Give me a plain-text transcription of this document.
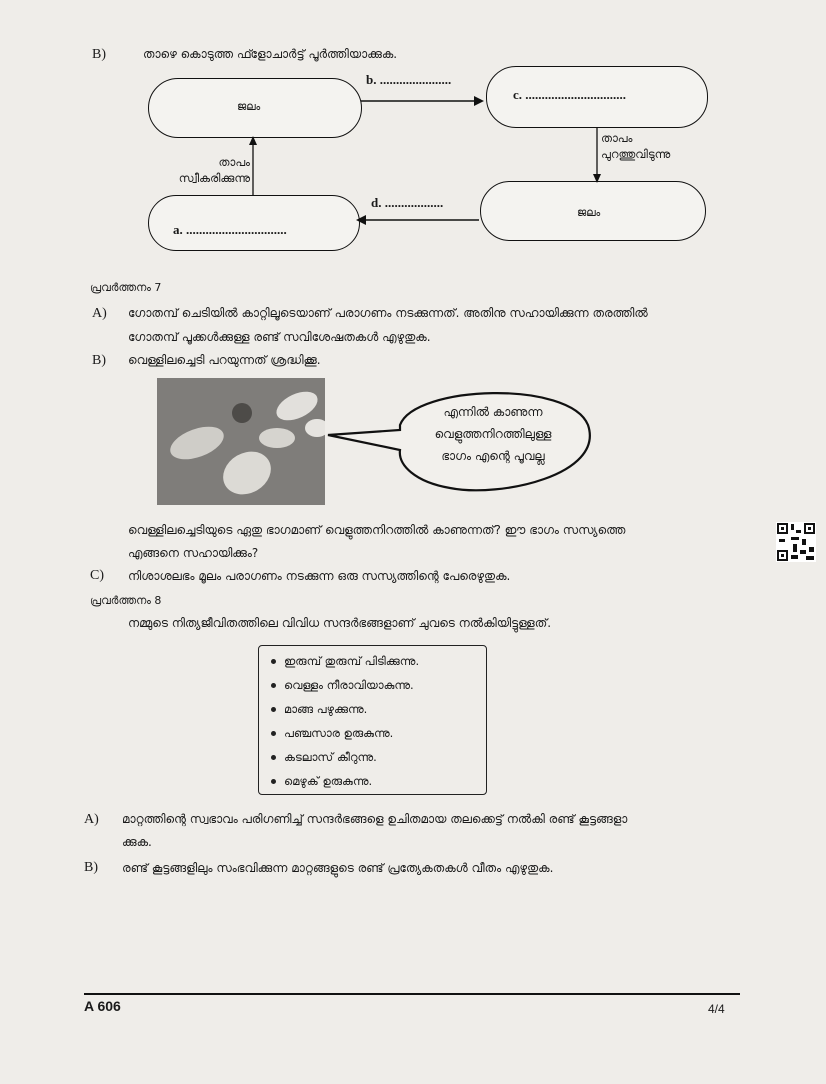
B)	താഴെ കൊടുത്ത ഫ്ളോചാർട്ട് പൂർത്തിയാക്കുക.
ജലം
c. ...............................
ജലം
a. ...............................
b. ......................
d. ..................
താപം
പുറത്തുവിടുന്നു
താപം
സ്വീകരിക്കുന്നു
പ്രവർത്തനം 7
A) ഗോതമ്പ് ചെടിയിൽ കാറ്റിലൂടെയാണ് പരാഗണം നടക്കുന്നത്. അതിനു സഹായിക്കുന്ന തരത്തിൽ
ഗോതമ്പ് പൂക്കൾക്കുള്ള രണ്ട് സവിശേഷതകൾ എഴുതുക.
B) വെള്ളിലച്ചെടി പറയുന്നത് ശ്രദ്ധിക്കൂ.
എന്നിൽ കാണുന്ന
വെളുത്തനിറത്തിലുള്ള
ഭാഗം എന്റെ പൂവല്ല
വെള്ളിലച്ചെടിയുടെ ഏതു ഭാഗമാണ് വെളുത്തനിറത്തിൽ കാണുന്നത്? ഈ ഭാഗം സസ്യത്തെ
എങ്ങനെ സഹായിക്കും?
C) നിശാശലഭം മൂലം പരാഗണം നടക്കുന്ന ഒരു സസ്യത്തിന്റെ പേരെഴുതുക.
പ്രവർത്തനം 8
നമ്മുടെ നിത്യജീവിതത്തിലെ വിവിധ സന്ദർഭങ്ങളാണ് ചുവടെ നൽകിയിട്ടുള്ളത്.
ഇരുമ്പ് തുരുമ്പ് പിടിക്കുന്നു.
വെള്ളം നീരാവിയാകുന്നു.
മാങ്ങ പഴുക്കുന്നു.
പഞ്ചസാര ഉരുകുന്നു.
കടലാസ് കീറുന്നു.
മെഴുക് ഉരുകുന്നു.
A) മാറ്റത്തിന്റെ സ്വഭാവം പരിഗണിച്ച് സന്ദർഭങ്ങളെ ഉചിതമായ തലക്കെട്ട് നൽകി രണ്ട് കൂട്ടങ്ങളാ
ക്കുക.
B) രണ്ട് കൂട്ടങ്ങളിലും സംഭവിക്കുന്ന മാറ്റങ്ങളുടെ രണ്ട് പ്രത്യേകതകൾ വീതം എഴുതുക.
A 606	4/4
